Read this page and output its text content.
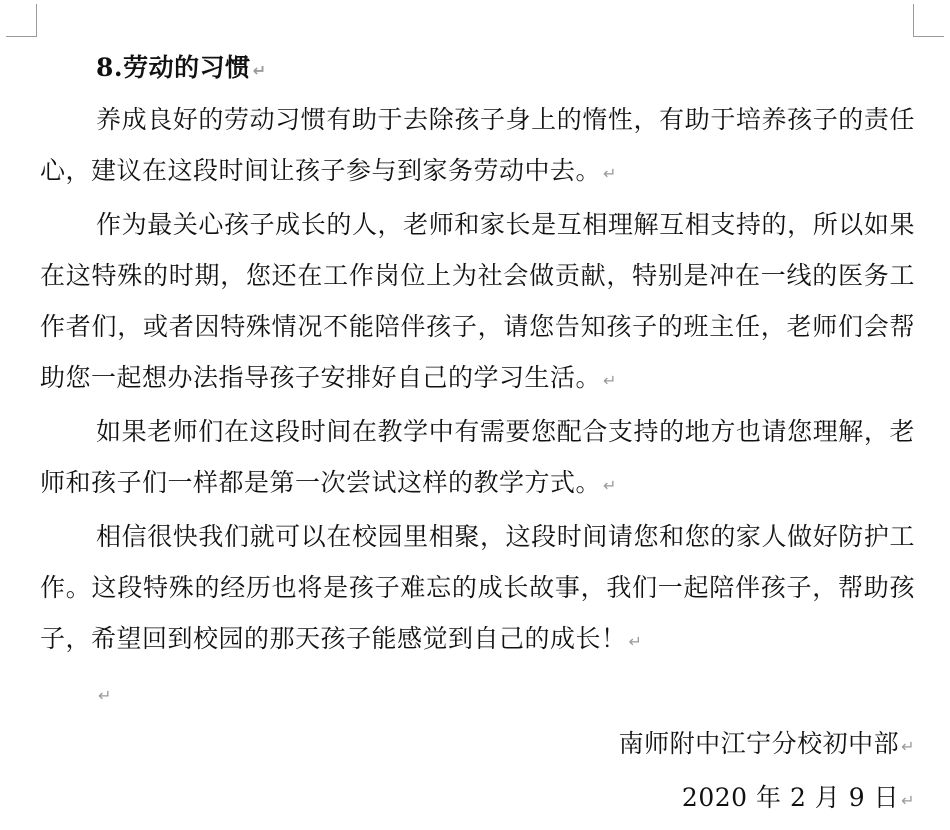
8.劳动的习惯 ↵

养成良好的劳动习惯有助于去除孩子身上的惰性，有助于培养孩子的责任心，建议在这段时间让孩子参与到家务劳动中去。 ↵

作为最关心孩子成长的人，老师和家长是互相理解互相支持的，所以如果在这特殊的时期，您还在工作岗位上为社会做贡献，特别是冲在一线的医务工作者们，或者因特殊情况不能陪伴孩子，请您告知孩子的班主任，老师们会帮助您一起想办法指导孩子安排好自己的学习生活。 ↵

如果老师们在这段时间在教学中有需要您配合支持的地方也请您理解，老师和孩子们一样都是第一次尝试这样的教学方式。 ↵

相信很快我们就可以在校园里相聚，这段时间请您和您的家人做好防护工作。这段特殊的经历也将是孩子难忘的成长故事，我们一起陪伴孩子，帮助孩子，希望回到校园的那天孩子能感觉到自己的成长！ ↵

↵
南师附中江宁分校初中部 ↵
2020 年 2 月 9 日 ↵
